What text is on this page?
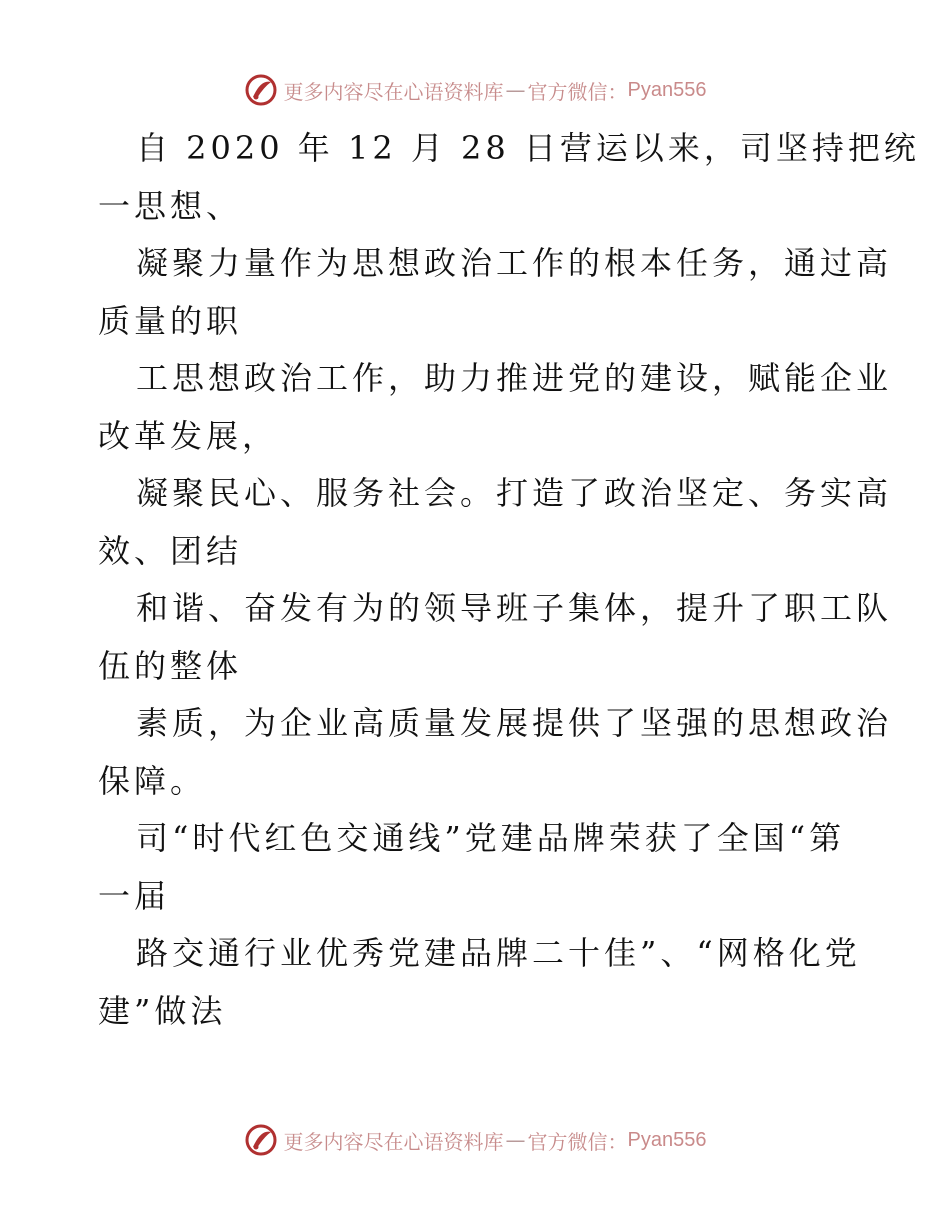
更多内容尽在心语资料库 — 官方微信： Pyan556
自 2020 年 12 月 28 日营运以来，司坚持把统
一思想、
凝聚力量作为思想政治工作的根本任务，通过高
质量的职
工思想政治工作，助力推进党的建设，赋能企业
改革发展，
凝聚民心、服务社会。打造了政治坚定、务实高
效、团结
和谐、奋发有为的领导班子集体，提升了职工队
伍的整体
素质，为企业高质量发展提供了坚强的思想政治
保障。
司“时代红色交通线”党建品牌荣获了全国“第
一届
路交通行业优秀党建品牌二十佳”、“网格化党
建”做法
更多内容尽在心语资料库 — 官方微信： Pyan556
